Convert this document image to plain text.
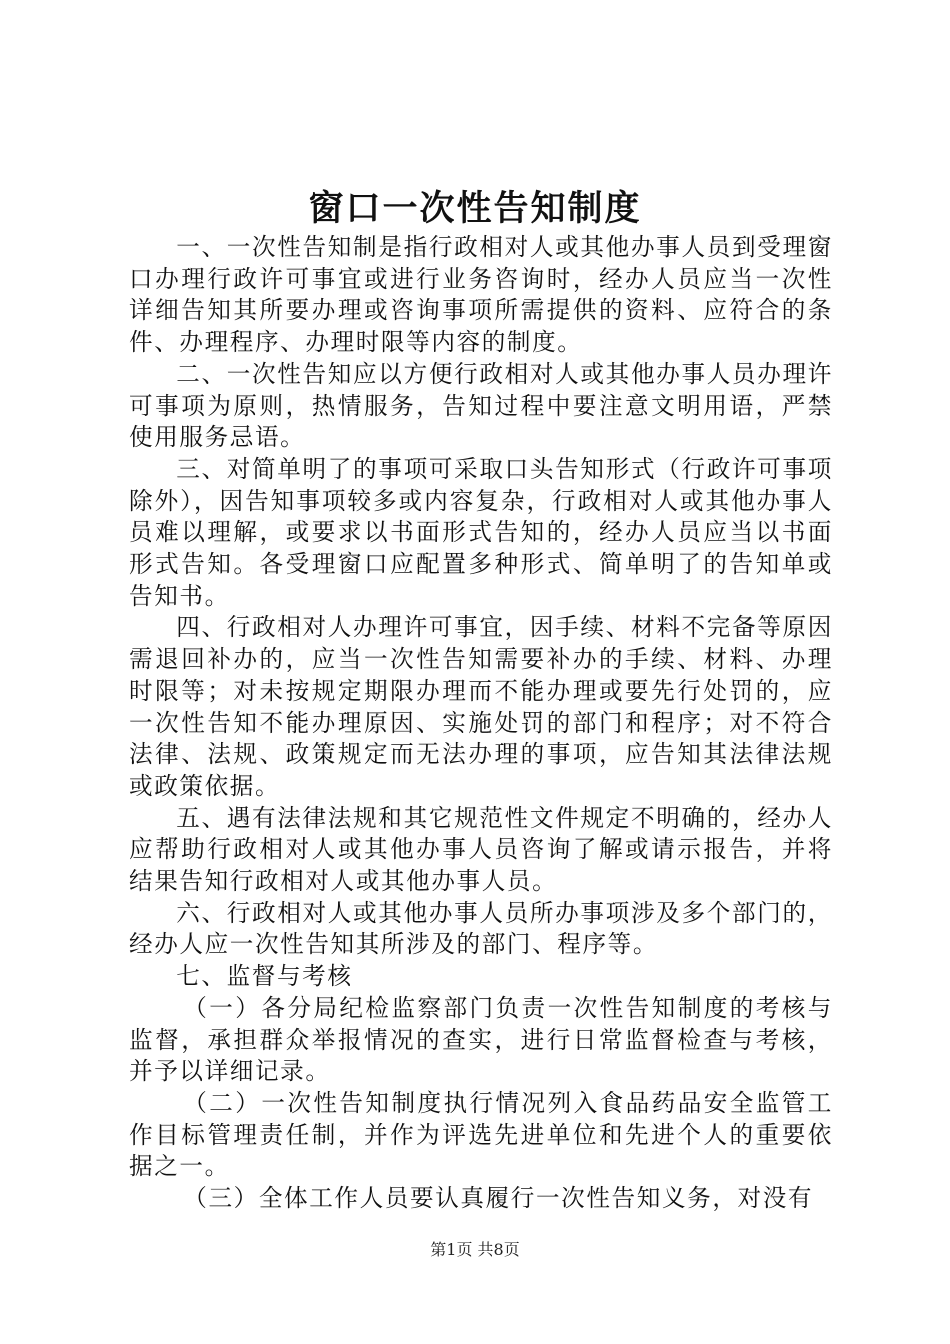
窗口一次性告知制度

一、一次性告知制是指行政相对人或其他办事人员到受理窗口办理行政许可事宜或进行业务咨询时，经办人员应当一次性详细告知其所要办理或咨询事项所需提供的资料、应符合的条件、办理程序、办理时限等内容的制度。

二、一次性告知应以方便行政相对人或其他办事人员办理许可事项为原则，热情服务，告知过程中要注意文明用语，严禁使用服务忌语。

三、对简单明了的事项可采取口头告知形式（行政许可事项除外），因告知事项较多或内容复杂，行政相对人或其他办事人员难以理解，或要求以书面形式告知的，经办人员应当以书面形式告知。各受理窗口应配置多种形式、简单明了的告知单或告知书。

四、行政相对人办理许可事宜，因手续、材料不完备等原因需退回补办的，应当一次性告知需要补办的手续、材料、办理时限等；对未按规定期限办理而不能办理或要先行处罚的，应一次性告知不能办理原因、实施处罚的部门和程序；对不符合法律、法规、政策规定而无法办理的事项，应告知其法律法规或政策依据。

五、遇有法律法规和其它规范性文件规定不明确的，经办人应帮助行政相对人或其他办事人员咨询了解或请示报告，并将结果告知行政相对人或其他办事人员。

六、行政相对人或其他办事人员所办事项涉及多个部门的，经办人应一次性告知其所涉及的部门、程序等。

七、监督与考核

（一）各分局纪检监察部门负责一次性告知制度的考核与监督，承担群众举报情况的查实，进行日常监督检查与考核，并予以详细记录。

（二）一次性告知制度执行情况列入食品药品安全监管工作目标管理责任制，并作为评选先进单位和先进个人的重要依据之一。

（三）全体工作人员要认真履行一次性告知义务，对没有

第1页 共8页
